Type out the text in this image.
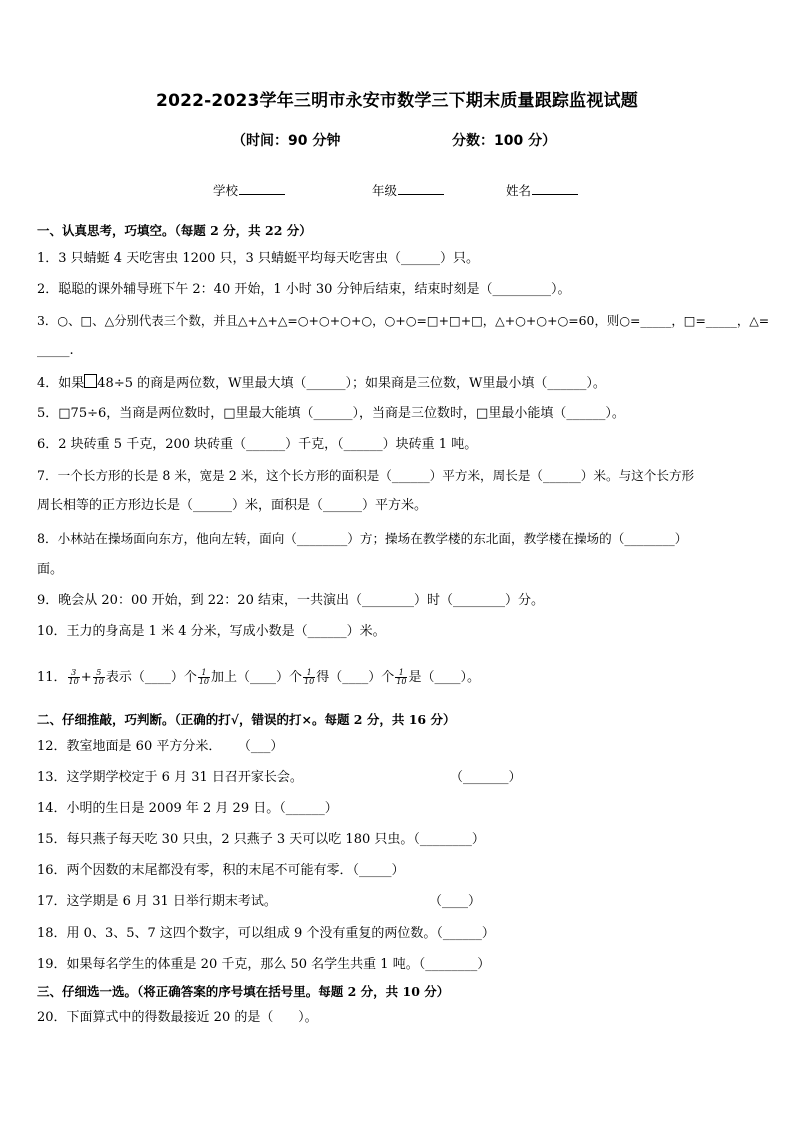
2022-2023学年三明市永安市数学三下期末质量跟踪监视试题
（时间：90 分钟	分数：100 分）
学校	年级	姓名
一、认真思考，巧填空。（每题 2 分，共 22 分）
1．3 只蜻蜓 4 天吃害虫 1200 只，3 只蜻蜓平均每天吃害虫（______）只。
2．聪聪的课外辅导班下午 2：40 开始，1 小时 30 分钟后结束，结束时刻是（_________）。
3．○、□、△分别代表三个数，并且△+△+△=○+○+○+○，○+○=□+□+□，△+○+○+○=60，则○=_____，□=_____，△=
_____.
4．如果 48÷5 的商是两位数，W里最大填（______）；如果商是三位数，W里最小填（______）。
5．□75÷6，当商是两位数时，□里最大能填（______），当商是三位数时，□里最小能填（______）。
6．2 块砖重 5 千克，200 块砖重（______）千克，（______）块砖重 1 吨。
7．一个长方形的长是 8 米，宽是 2 米，这个长方形的面积是（______）平方米，周长是（______）米。与这个长方形
周长相等的正方形边长是（______）米，面积是（______）平方米。
8．小林站在操场面向东方，他向左转，面向（________）方；操场在教学楼的东北面，教学楼在操场的（________）
面。
9．晚会从 20：00 开始，到 22：20 结束，一共演出（________）时（________）分。
10．王力的身高是 1 米 4 分米，写成小数是（______）米。
11． $\frac{3}{10} + \frac{5}{10}$ 表示（____）个 $\frac{1}{10}$ 加上（____）个 $\frac{1}{10}$ 得（____）个 $\frac{1}{10}$ 是（____）。
二、仔细推敲，巧判断。（正确的打√，错误的打×。每题 2 分，共 16 分）
12．教室地面是 60 平方分米．    （___）
13．这学期学校定于 6 月 31 日召开家长会。	（_______）
14．小明的生日是 2009 年 2 月 29 日。（______）
15．每只燕子每天吃 30 只虫，2 只燕子 3 天可以吃 180 只虫。（________）
16．两个因数的末尾都没有零，积的末尾不可能有零．（_____）
17．这学期是 6 月 31 日举行期末考试。	（____）
18．用 0、3、5、7 这四个数字，可以组成 9 个没有重复的两位数。（______）
19．如果每名学生的体重是 20 千克，那么 50 名学生共重 1 吨。（________）
三、仔细选一选。（将正确答案的序号填在括号里。每题 2 分，共 10 分）
20．下面算式中的得数最接近 20 的是（      ）。
